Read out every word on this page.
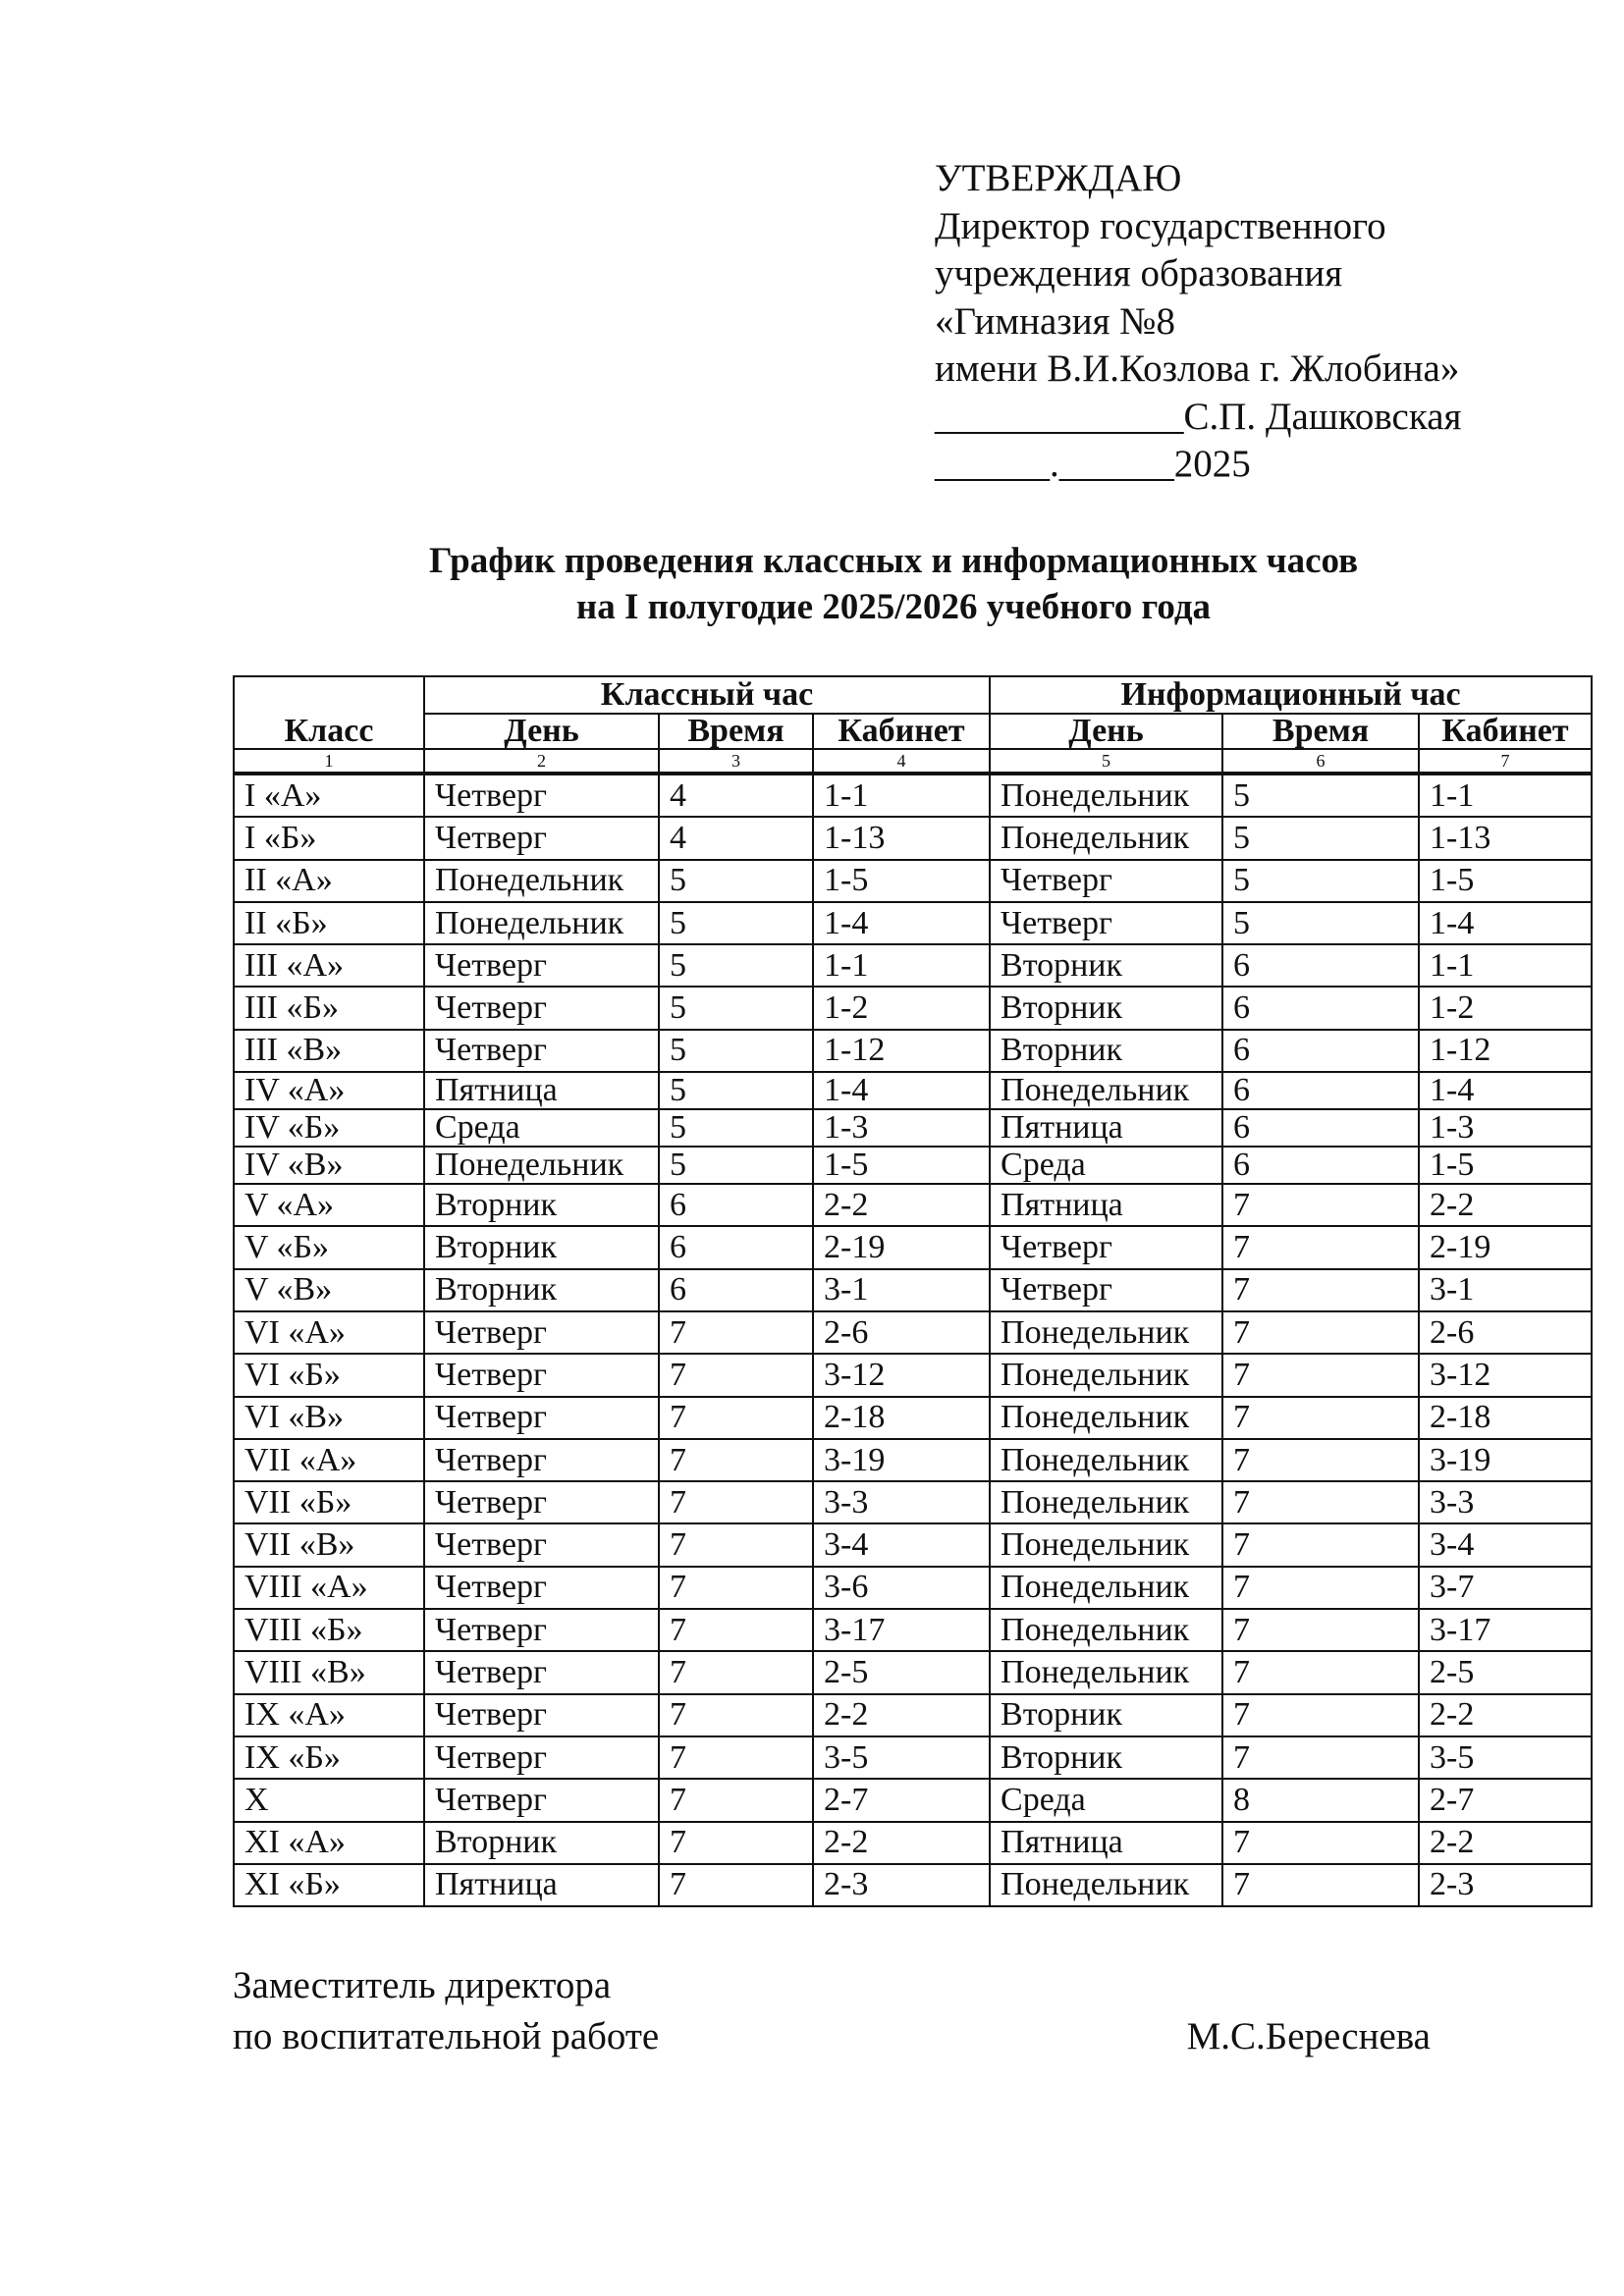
УТВЕРЖДАЮ
Директор государственного
учреждения образования
«Гимназия №8
имени В.И.Козлова г. Жлобина»
_____________С.П. Дашковская
______.______2025
График проведения классных и информационных часов
на I полугодие 2025/2026 учебного года
Класс	Классный час			Информационный час		
	День	Время	Кабинет	День	Время	Кабинет
1	2	3	4	5	6	7
I «А»	Четверг	4	1-1	Понедельник	5	1-1
I «Б»	Четверг	4	1-13	Понедельник	5	1-13
II «А»	Понедельник	5	1-5	Четверг	5	1-5
II «Б»	Понедельник	5	1-4	Четверг	5	1-4
III «А»	Четверг	5	1-1	Вторник	6	1-1
III «Б»	Четверг	5	1-2	Вторник	6	1-2
III «В»	Четверг	5	1-12	Вторник	6	1-12
IV «А»	Пятница	5	1-4	Понедельник	6	1-4
IV «Б»	Среда	5	1-3	Пятница	6	1-3
IV «В»	Понедельник	5	1-5	Среда	6	1-5
V «А»	Вторник	6	2-2	Пятница	7	2-2
V «Б»	Вторник	6	2-19	Четверг	7	2-19
V «В»	Вторник	6	3-1	Четверг	7	3-1
VI «А»	Четверг	7	2-6	Понедельник	7	2-6
VI «Б»	Четверг	7	3-12	Понедельник	7	3-12
VI «В»	Четверг	7	2-18	Понедельник	7	2-18
VII «А»	Четверг	7	3-19	Понедельник	7	3-19
VII «Б»	Четверг	7	3-3	Понедельник	7	3-3
VII «В»	Четверг	7	3-4	Понедельник	7	3-4
VIII «А»	Четверг	7	3-6	Понедельник	7	3-7
VIII «Б»	Четверг	7	3-17	Понедельник	7	3-17
VIII «В»	Четверг	7	2-5	Понедельник	7	2-5
IX «А»	Четверг	7	2-2	Вторник	7	2-2
IX «Б»	Четверг	7	3-5	Вторник	7	3-5
X	Четверг	7	2-7	Среда	8	2-7
XI «А»	Вторник	7	2-2	Пятница	7	2-2
XI «Б»	Пятница	7	2-3	Понедельник	7	2-3
Заместитель директора
по воспитательной работе	М.С.Береснева
